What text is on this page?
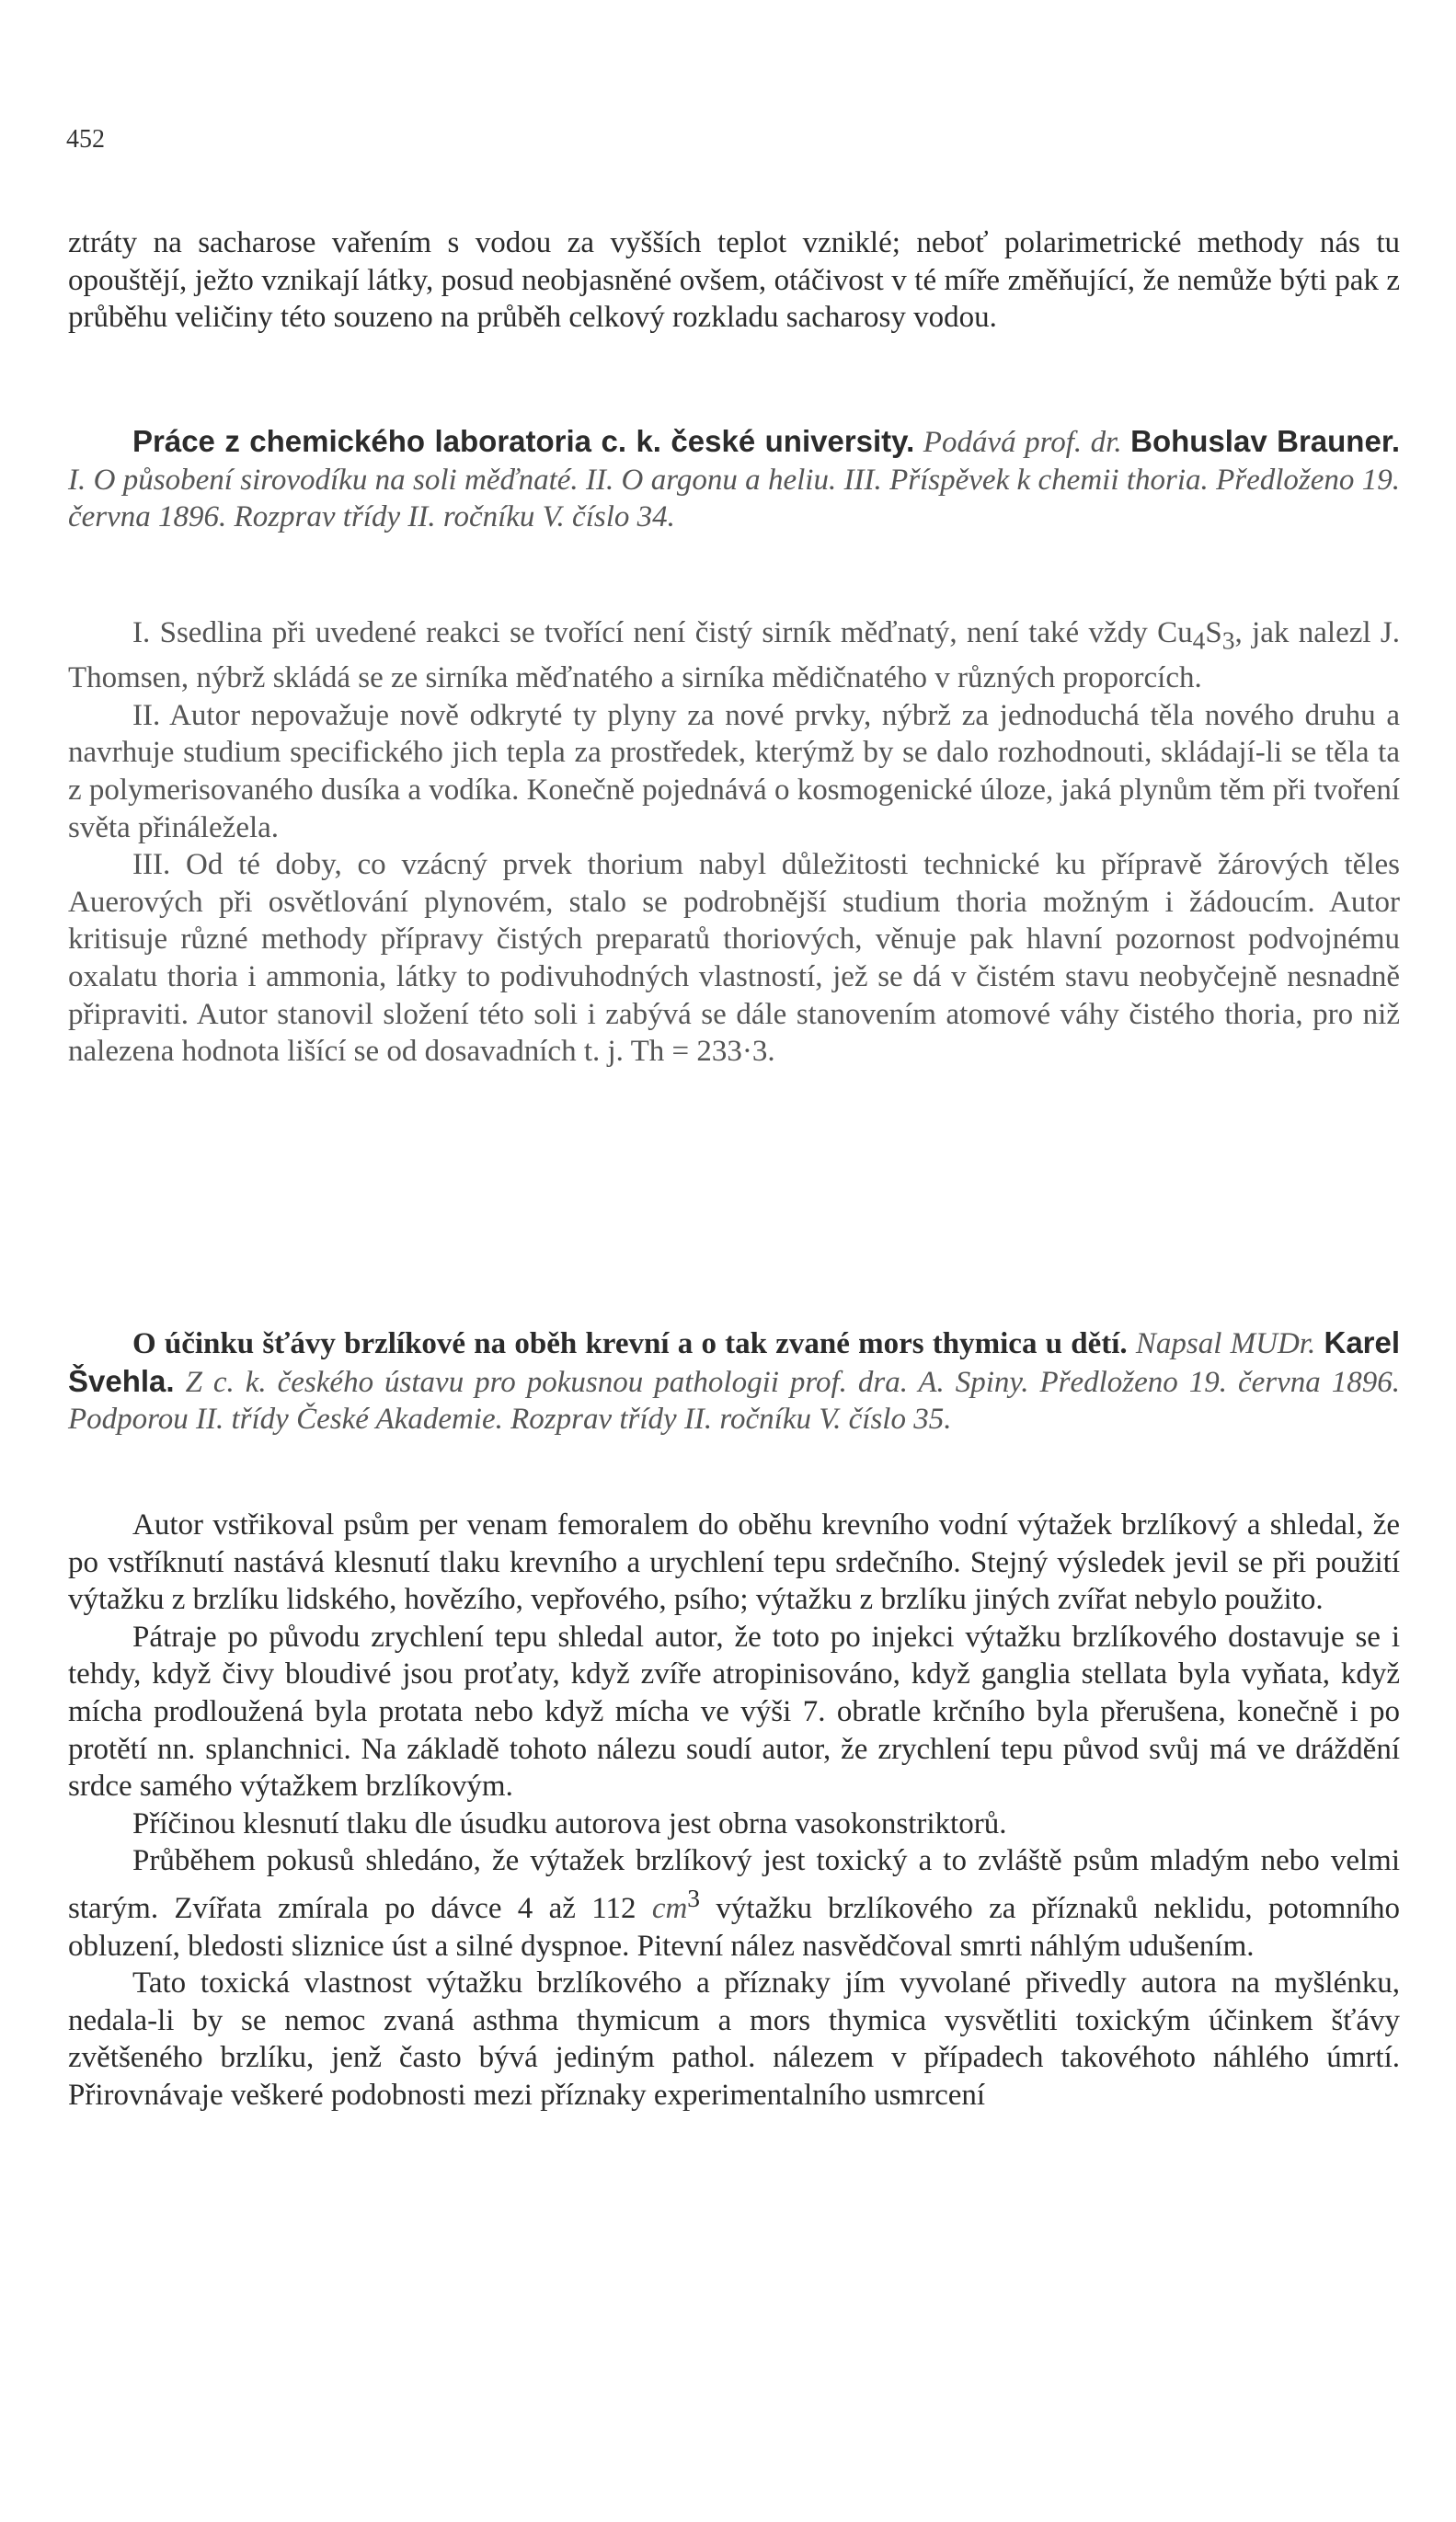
452

ztráty na sacharose vařením s vodou za vyšších teplot vzniklé; neboť polarimetrické methody nás tu opouštějí, ježto vznikají látky, posud neobjasněné ovšem, otáčivost v té míře změňující, že nemůže býti pak z průběhu veličiny této souzeno na průběh celkový rozkladu sacharosy vodou.

Práce z chemického laboratoria c. k. české university. Podává prof. dr. Bohuslav Brauner. I. O působení sirovodíku na soli měďnaté. II. O argonu a heliu. III. Příspěvek k chemii thoria. Předloženo 19. června 1896. Rozprav třídy II. ročníku V. číslo 34.

I. Ssedlina při uvedené reakci se tvořící není čistý sirník měďnatý, není také vždy $Cu_4S_3$, jak nalezl J. Thomsen, nýbrž skládá se ze sirníka měďnatého a sirníka mědičnatého v různých proporcích.

II. Autor nepovažuje nově odkryté ty plyny za nové prvky, nýbrž za jednoduchá těla nového druhu a navrhuje studium specifického jich tepla za prostředek, kterýmž by se dalo rozhodnouti, skládají-li se těla ta z polymerisovaného dusíka a vodíka. Konečně pojednává o kosmogenické úloze, jaká plynům těm při tvoření světa přináležela.

III. Od té doby, co vzácný prvek thorium nabyl důležitosti technické ku přípravě žárových těles Auerových při osvětlování plynovém, stalo se podrobnější studium thoria možným i žádoucím. Autor kritisuje různé methody přípravy čistých preparatů thoriových, věnuje pak hlavní pozornost podvojnému oxalatu thoria i ammonia, látky to podivuhodných vlastností, jež se dá v čistém stavu neobyčejně nesnadně připraviti. Autor stanovil složení této soli i zabývá se dále stanovením atomové váhy čistého thoria, pro niž nalezena hodnota lišící se od dosavadních t. j. Th = 233·3.

O účinku šťávy brzlíkové na oběh krevní a o tak zvané mors thymica u dětí. Napsal MUDr. Karel Švehla. Z c. k. českého ústavu pro pokusnou pathologii prof. dra. A. Spiny. Předloženo 19. června 1896. Podporou II. třídy České Akademie. Rozprav třídy II. ročníku V. číslo 35.

Autor vstřikoval psům per venam femoralem do oběhu krevního vodní výtažek brzlíkový a shledal, že po vstříknutí nastává klesnutí tlaku krevního a urychlení tepu srdečního. Stejný výsledek jevil se při použití výtažku z brzlíku lidského, hovězího, vepřového, psího; výtažku z brzlíku jiných zvířat nebylo použito.

Pátraje po původu zrychlení tepu shledal autor, že toto po injekci výtažku brzlíkového dostavuje se i tehdy, když čivy bloudivé jsou proťaty, když zvíře atropinisováno, když ganglia stellata byla vyňata, když mícha prodloužená byla protata nebo když mícha ve výši 7. obratle krčního byla přerušena, konečně i po protětí nn. splanchnici. Na základě tohoto nálezu soudí autor, že zrychlení tepu původ svůj má ve dráždění srdce samého výtažkem brzlíkovým.

Příčinou klesnutí tlaku dle úsudku autorova jest obrna vasokonstriktorů.

Průběhem pokusů shledáno, že výtažek brzlíkový jest toxický a to zvláště psům mladým nebo velmi starým. Zvířata zmírala po dávce 4 až 112 $cm^3$ výtažku brzlíkového za příznaků neklidu, potomního obluzení, bledosti sliznice úst a silné dyspnoe. Pitevní nález nasvědčoval smrti náhlým udušením.

Tato toxická vlastnost výtažku brzlíkového a příznaky jím vyvolané přivedly autora na myšlénku, nedala-li by se nemoc zvaná asthma thymicum a mors thymica vysvětliti toxickým účinkem šťávy zvětšeného brzlíku, jenž často bývá jediným pathol. nálezem v případech takovéhoto náhlého úmrtí. Přirovnávaje veškeré podobnosti mezi příznaky experimentalního usmrcení
